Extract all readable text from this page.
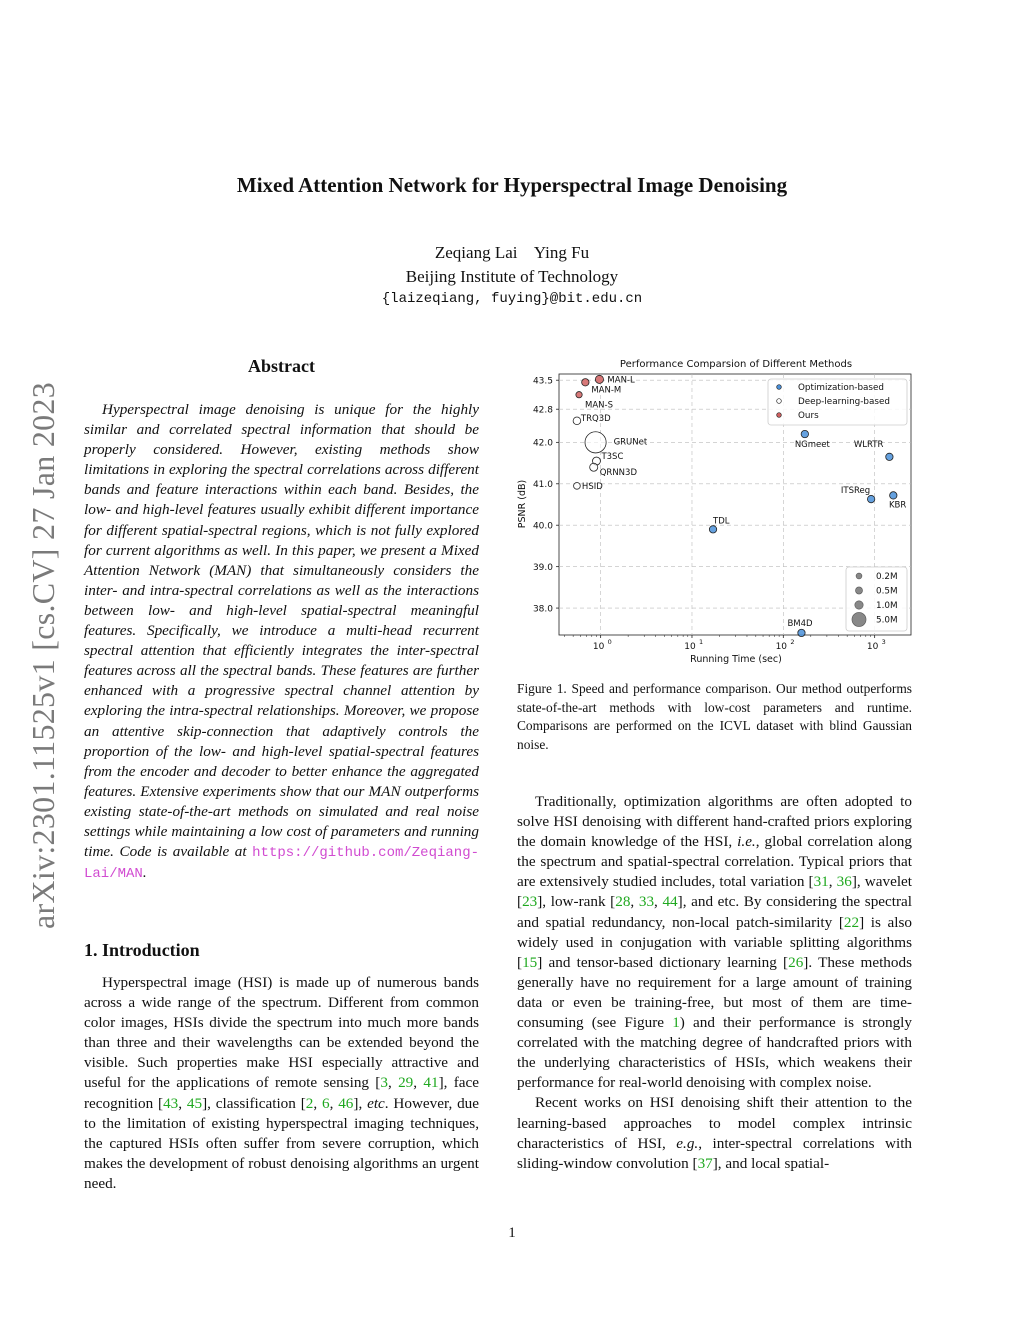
arXiv:2301.11525v1 [cs.CV] 27 Jan 2023
Mixed Attention Network for Hyperspectral Image Denoising
Zeqiang Lai    Ying Fu
Beijing Institute of Technology
{laizeqiang, fuying}@bit.edu.cn
Abstract

Hyperspectral image denoising is unique for the highly similar and correlated spectral information that should be properly considered. However, existing methods show limitations in exploring the spectral correlations across different bands and feature interactions within each band. Besides, the low- and high-level features usually exhibit different importance for different spatial-spectral regions, which is not fully explored for current algorithms as well. In this paper, we present a Mixed Attention Network (MAN) that simultaneously considers the inter- and intra-spectral correlations as well as the interactions between low- and high-level spatial-spectral meaningful features. Specifically, we introduce a multi-head recurrent spectral attention that efficiently integrates the inter-spectral features across all the spectral bands. These features are further enhanced with a progressive spectral channel attention by exploring the intra-spectral relationships. Moreover, we propose an attentive skip-connection that adaptively controls the proportion of the low- and high-level spatial-spectral features from the encoder and decoder to better enhance the aggregated features. Extensive experiments show that our MAN outperforms existing state-of-the-art methods on simulated and real noise settings while maintaining a low cost of parameters and running time. Code is available at https://github.com/Zeqiang-Lai/MAN.

1. Introduction

Hyperspectral image (HSI) is made up of numerous bands across a wide range of the spectrum. Different from common color images, HSIs divide the spectrum into much more bands than three and their wavelengths can be extended beyond the visible. Such properties make HSI especially attractive and useful for the applications of remote sensing [3, 29, 41], face recognition [43, 45], classification [2, 6, 46], etc. However, due to the limitation of existing hyperspectral imaging techniques, the captured HSIs often suffer from severe corruption, which makes the development of robust denoising algorithms an urgent need.

Performance Comparsion of Different Methods
43.5
42.8
42.0
41.0
40.0
39.0
38.0
10 0	10 1	10 2	10 3
MAN-L
MAN-M
MAN-S
TRQ3D
GRUNet
T3SC
QRNN3D
HSID
TDL
NGmeet	WLRTR
ITSReg
KBR
BM4D
Optimization-based
Deep-learning-based
Ours
0.2M
0.5M
1.0M
5.0M
Running Time (sec)
PSNR (dB)
Figure 1. Speed and performance comparison. Our method outperforms state-of-the-art methods with low-cost parameters and runtime. Comparisons are performed on the ICVL dataset with blind Gaussian noise.

Traditionally, optimization algorithms are often adopted to solve HSI denoising with different hand-crafted priors exploring the domain knowledge of the HSI, i.e., global correlation along the spectrum and spatial-spectral correlation. Typical priors that are extensively studied includes, total variation [31, 36], wavelet [23], low-rank [28, 33, 44], and etc. By considering the spectral and spatial redundancy, non-local patch-similarity [22] is also widely used in conjugation with variable splitting algorithms [15] and tensor-based dictionary learning [26]. These methods generally have no requirement for a large amount of training data or even be training-free, but most of them are time-consuming (see Figure 1) and their performance is strongly correlated with the matching degree of handcrafted priors with the underlying characteristics of HSIs, which weakens their performance for real-world denoising with complex noise.

Recent works on HSI denoising shift their attention to the learning-based approaches to model complex intrinsic characteristics of HSI, e.g., inter-spectral correlations with sliding-window convolution [37], and local spatial-

1
